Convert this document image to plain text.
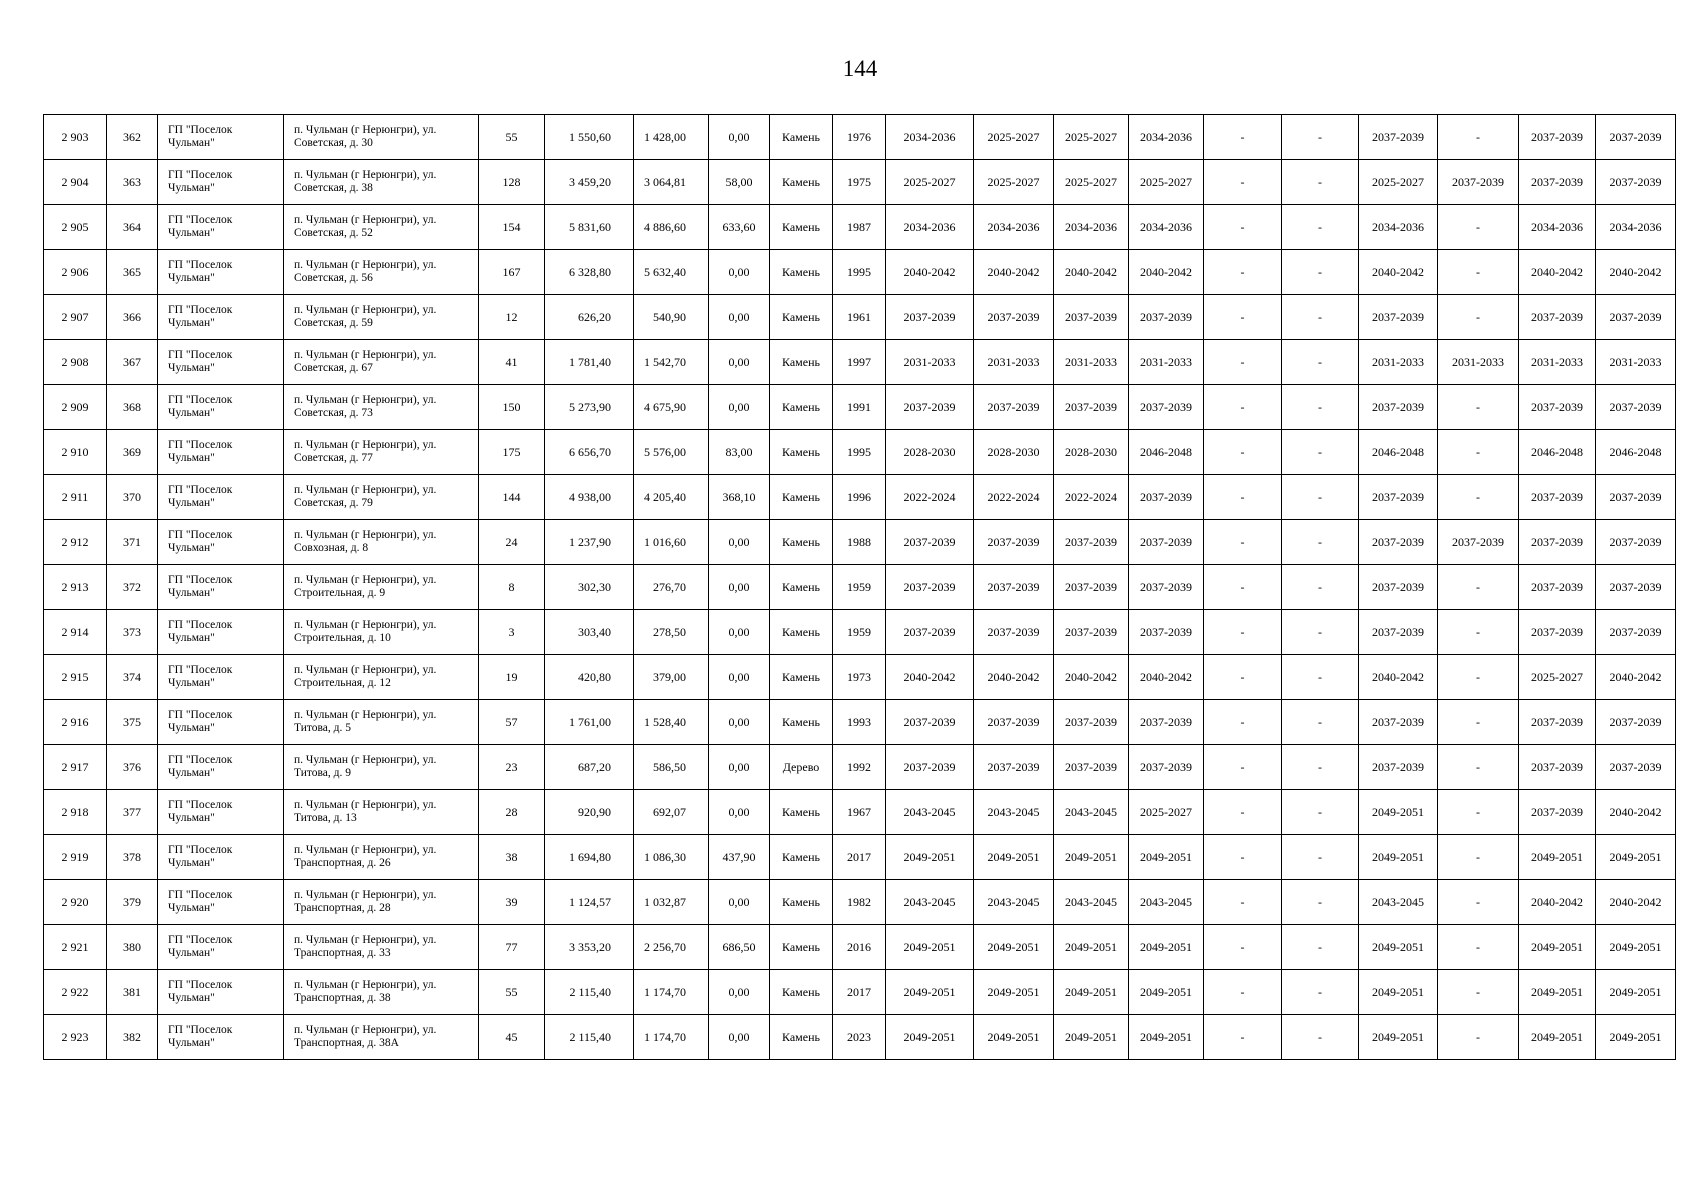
144
2 903	362	ГП "Поселок Чульман"	п. Чульман (г Нерюнгри), ул. Советская, д. 30	55	1 550,60	1 428,00	0,00	Камень	1976	2034-2036	2025-2027	2025-2027	2034-2036	-	-	2037-2039	-	2037-2039	2037-2039
2 904	363	ГП "Поселок Чульман"	п. Чульман (г Нерюнгри), ул. Советская, д. 38	128	3 459,20	3 064,81	58,00	Камень	1975	2025-2027	2025-2027	2025-2027	2025-2027	-	-	2025-2027	2037-2039	2037-2039	2037-2039
2 905	364	ГП "Поселок Чульман"	п. Чульман (г Нерюнгри), ул. Советская, д. 52	154	5 831,60	4 886,60	633,60	Камень	1987	2034-2036	2034-2036	2034-2036	2034-2036	-	-	2034-2036	-	2034-2036	2034-2036
2 906	365	ГП "Поселок Чульман"	п. Чульман (г Нерюнгри), ул. Советская, д. 56	167	6 328,80	5 632,40	0,00	Камень	1995	2040-2042	2040-2042	2040-2042	2040-2042	-	-	2040-2042	-	2040-2042	2040-2042
2 907	366	ГП "Поселок Чульман"	п. Чульман (г Нерюнгри), ул. Советская, д. 59	12	626,20	540,90	0,00	Камень	1961	2037-2039	2037-2039	2037-2039	2037-2039	-	-	2037-2039	-	2037-2039	2037-2039
2 908	367	ГП "Поселок Чульман"	п. Чульман (г Нерюнгри), ул. Советская, д. 67	41	1 781,40	1 542,70	0,00	Камень	1997	2031-2033	2031-2033	2031-2033	2031-2033	-	-	2031-2033	2031-2033	2031-2033	2031-2033
2 909	368	ГП "Поселок Чульман"	п. Чульман (г Нерюнгри), ул. Советская, д. 73	150	5 273,90	4 675,90	0,00	Камень	1991	2037-2039	2037-2039	2037-2039	2037-2039	-	-	2037-2039	-	2037-2039	2037-2039
2 910	369	ГП "Поселок Чульман"	п. Чульман (г Нерюнгри), ул. Советская, д. 77	175	6 656,70	5 576,00	83,00	Камень	1995	2028-2030	2028-2030	2028-2030	2046-2048	-	-	2046-2048	-	2046-2048	2046-2048
2 911	370	ГП "Поселок Чульман"	п. Чульман (г Нерюнгри), ул. Советская, д. 79	144	4 938,00	4 205,40	368,10	Камень	1996	2022-2024	2022-2024	2022-2024	2037-2039	-	-	2037-2039	-	2037-2039	2037-2039
2 912	371	ГП "Поселок Чульман"	п. Чульман (г Нерюнгри), ул. Совхозная, д. 8	24	1 237,90	1 016,60	0,00	Камень	1988	2037-2039	2037-2039	2037-2039	2037-2039	-	-	2037-2039	2037-2039	2037-2039	2037-2039
2 913	372	ГП "Поселок Чульман"	п. Чульман (г Нерюнгри), ул. Строительная, д. 9	8	302,30	276,70	0,00	Камень	1959	2037-2039	2037-2039	2037-2039	2037-2039	-	-	2037-2039	-	2037-2039	2037-2039
2 914	373	ГП "Поселок Чульман"	п. Чульман (г Нерюнгри), ул. Строительная, д. 10	3	303,40	278,50	0,00	Камень	1959	2037-2039	2037-2039	2037-2039	2037-2039	-	-	2037-2039	-	2037-2039	2037-2039
2 915	374	ГП "Поселок Чульман"	п. Чульман (г Нерюнгри), ул. Строительная, д. 12	19	420,80	379,00	0,00	Камень	1973	2040-2042	2040-2042	2040-2042	2040-2042	-	-	2040-2042	-	2025-2027	2040-2042
2 916	375	ГП "Поселок Чульман"	п. Чульман (г Нерюнгри), ул. Титова, д. 5	57	1 761,00	1 528,40	0,00	Камень	1993	2037-2039	2037-2039	2037-2039	2037-2039	-	-	2037-2039	-	2037-2039	2037-2039
2 917	376	ГП "Поселок Чульман"	п. Чульман (г Нерюнгри), ул. Титова, д. 9	23	687,20	586,50	0,00	Дерево	1992	2037-2039	2037-2039	2037-2039	2037-2039	-	-	2037-2039	-	2037-2039	2037-2039
2 918	377	ГП "Поселок Чульман"	п. Чульман (г Нерюнгри), ул. Титова, д. 13	28	920,90	692,07	0,00	Камень	1967	2043-2045	2043-2045	2043-2045	2025-2027	-	-	2049-2051	-	2037-2039	2040-2042
2 919	378	ГП "Поселок Чульман"	п. Чульман (г Нерюнгри), ул. Транспортная, д. 26	38	1 694,80	1 086,30	437,90	Камень	2017	2049-2051	2049-2051	2049-2051	2049-2051	-	-	2049-2051	-	2049-2051	2049-2051
2 920	379	ГП "Поселок Чульман"	п. Чульман (г Нерюнгри), ул. Транспортная, д. 28	39	1 124,57	1 032,87	0,00	Камень	1982	2043-2045	2043-2045	2043-2045	2043-2045	-	-	2043-2045	-	2040-2042	2040-2042
2 921	380	ГП "Поселок Чульман"	п. Чульман (г Нерюнгри), ул. Транспортная, д. 33	77	3 353,20	2 256,70	686,50	Камень	2016	2049-2051	2049-2051	2049-2051	2049-2051	-	-	2049-2051	-	2049-2051	2049-2051
2 922	381	ГП "Поселок Чульман"	п. Чульман (г Нерюнгри), ул. Транспортная, д. 38	55	2 115,40	1 174,70	0,00	Камень	2017	2049-2051	2049-2051	2049-2051	2049-2051	-	-	2049-2051	-	2049-2051	2049-2051
2 923	382	ГП "Поселок Чульман"	п. Чульман (г Нерюнгри), ул. Транспортная, д. 38А	45	2 115,40	1 174,70	0,00	Камень	2023	2049-2051	2049-2051	2049-2051	2049-2051	-	-	2049-2051	-	2049-2051	2049-2051
